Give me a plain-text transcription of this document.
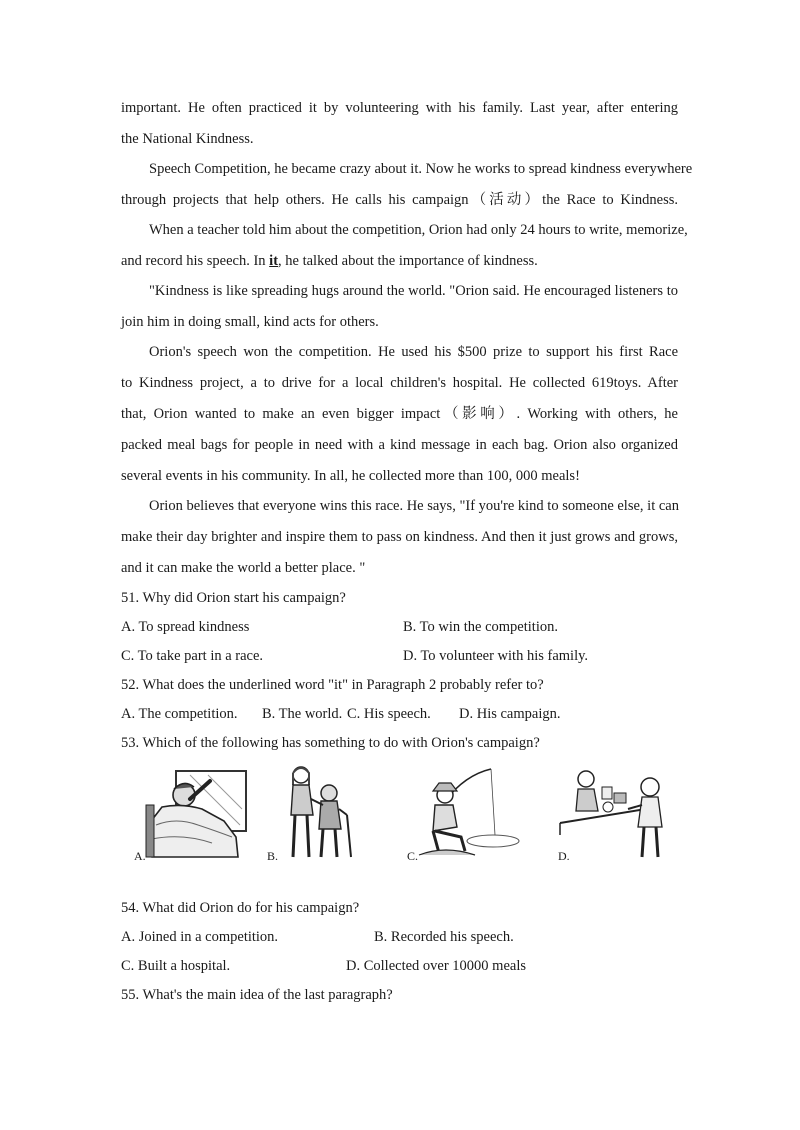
important. He often practiced it by volunteering with his family. Last year, after entering
the National Kindness.
Speech Competition, he became crazy about it. Now he works to spread kindness everywhere
through projects that help others. He calls his campaign（活动）the Race to Kindness.
When a teacher told him about the competition, Orion had only 24 hours to write, memorize,
and record his speech. In it, he talked about the importance of kindness.
"Kindness is like spreading hugs around the world. "Orion said. He encouraged listeners to
join him in doing small, kind acts for others.
Orion's speech won the competition. He used his $500 prize to support his first Race
to Kindness project, a to drive for a local children's hospital. He collected 619toys. After
that, Orion wanted to make an even bigger impact（影响）. Working with others, he
packed meal bags for people in need with a kind message in each bag. Orion also organized
several events in his community. In all, he collected more than 100, 000 meals!
Orion believes that everyone wins this race. He says, "If you're kind to someone else, it can
make their day brighter and inspire them to pass on kindness. And then it just grows and grows,
and it can make the world a better place. "
51. Why did Orion start his campaign?
A. To spread kindness	B. To win the competition.
C. To take part in a race.	D. To volunteer with his family.
52. What does the underlined word "it" in Paragraph 2 probably refer to?
A. The competition. B. The world. C. His speech. D. His campaign.
53. Which of the following has something to do with Orion's campaign?
A.	B.	C.	D.
54. What did Orion do for his campaign?
A. Joined in a competition.	B. Recorded his speech.
C. Built a hospital.	D. Collected over 10000 meals
55. What's the main idea of the last paragraph?
